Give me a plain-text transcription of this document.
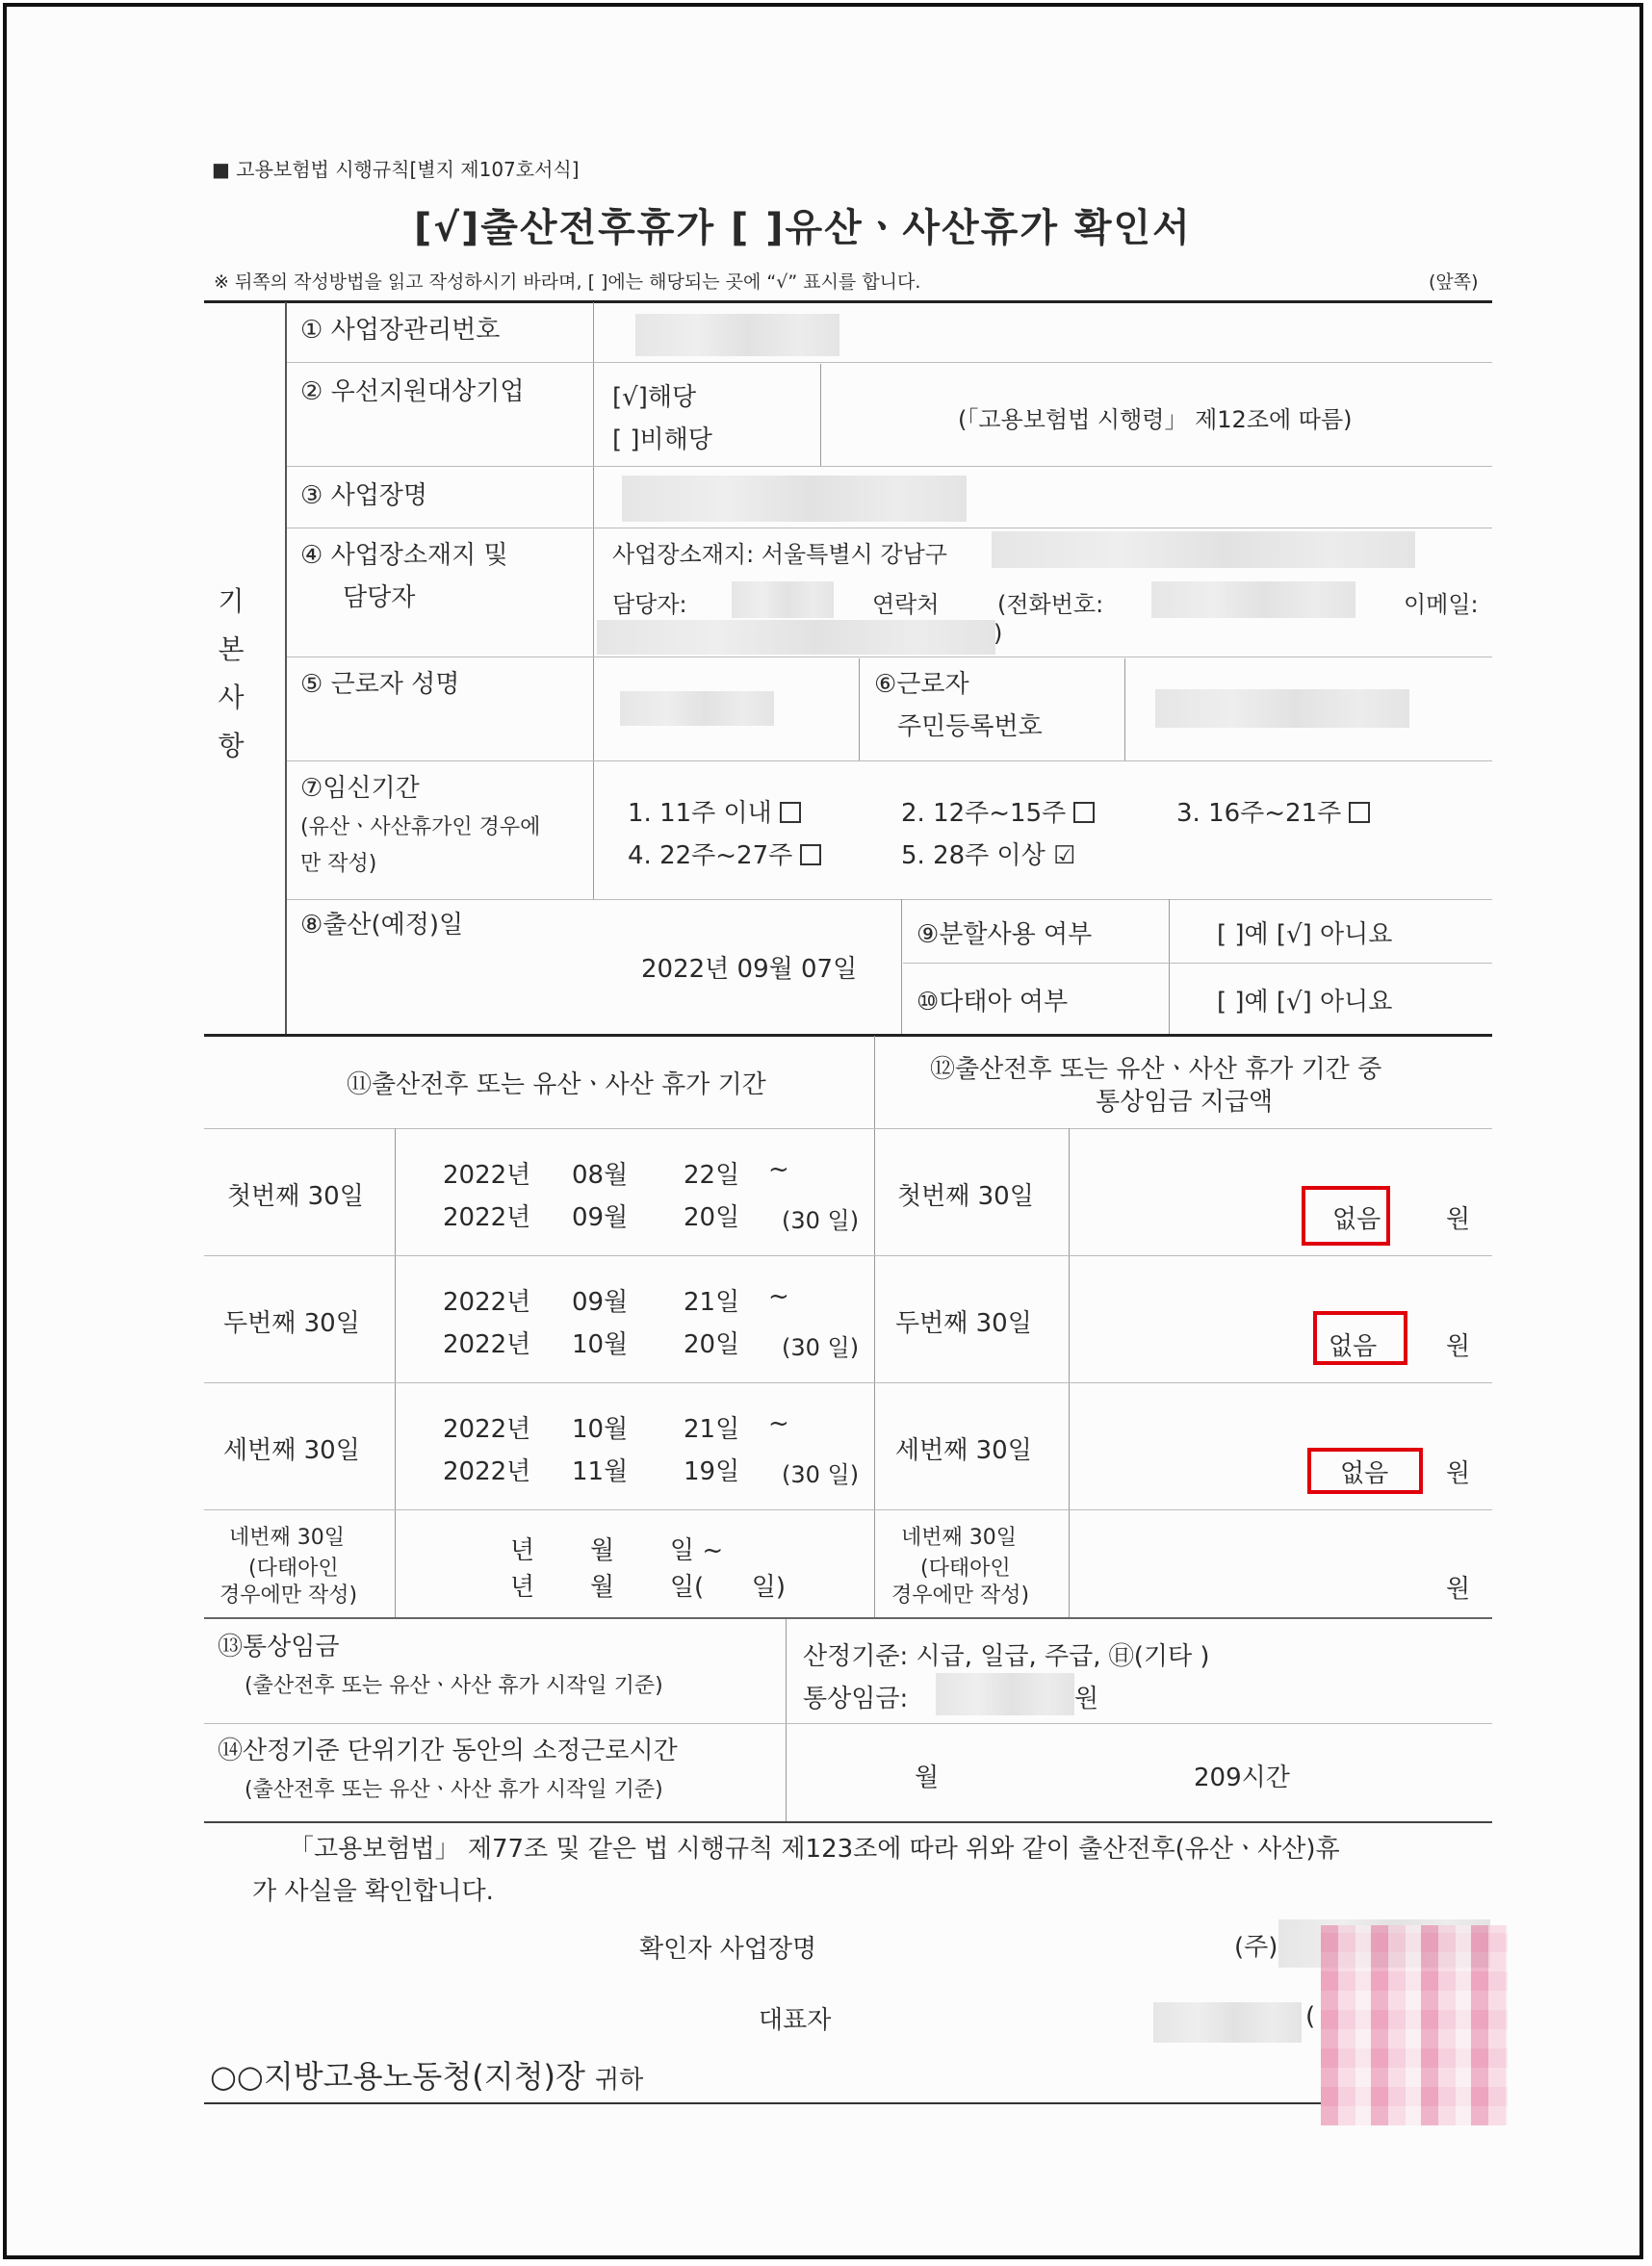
■ 고용보험법 시행규칙[별지 제107호서식]
[√]출산전후휴가 [ ]유산ㆍ사산휴가 확인서
※ 뒤쪽의 작성방법을 읽고 작성하시기 바라며, [ ]에는 해당되는 곳에 “√” 표시를 합니다.	(앞쪽)
기본사항
① 사업장관리번호
② 우선지원대상기업	[√]해당
[ ]비해당
(「고용보험법 시행령」 제12조에 따름)
③ 사업장명
④ 사업장소재지 및
담당자
사업장소재지: 서울특별시 강남구
담당자:	연락처	(전화번호:	이메일:
)
⑤ 근로자 성명	⑥근로자
주민등록번호
⑦임신기간
(유산ㆍ사산휴가인 경우에
만 작성)
1. 11주 이내	2. 12주~15주	3. 16주~21주
4. 22주~27주	5. 28주 이상 ☑
⑧출산(예정)일
2022년 09월 07일
⑨분할사용 여부	[ ]예 [√] 아니요
⑩다태아 여부	[ ]예 [√] 아니요
⑪출산전후 또는 유산ㆍ사산 휴가 기간
⑫출산전후 또는 유산ㆍ사산 휴가 기간 중
통상임금 지급액
첫번째 30일
2022년 08월 22일 ~
2022년 09월 20일 (30 일)
첫번째 30일
없음	원
두번째 30일
2022년 09월 21일 ~
2022년 10월 20일 (30 일)
두번째 30일
없음	원
세번째 30일
2022년 10월 21일 ~
2022년 11월 19일 (30 일)
세번째 30일
없음 원
네번째 30일
(다태아인
경우에만 작성)
년       월       일 ~
년       월       일(      일)
네번째 30일
(다태아인
경우에만 작성)	원
⑬통상임금
(출산전후 또는 유산ㆍ사산 휴가 시작일 기준)
산정기준: 시급, 일급, 주급, ㊐(기타 )
통상임금:	원
⑭산정기준 단위기간 동안의 소정근로시간
(출산전후 또는 유산ㆍ사산 휴가 시작일 기준)	월	209시간
「고용보험법」 제77조 및 같은 법 시행규칙 제123조에 따라 위와 같이 출산전후(유산ㆍ사산)휴
가 사실을 확인합니다.
확인자 사업장명	(주)
대표자	(
○○지방고용노동청(지청)장 귀하
